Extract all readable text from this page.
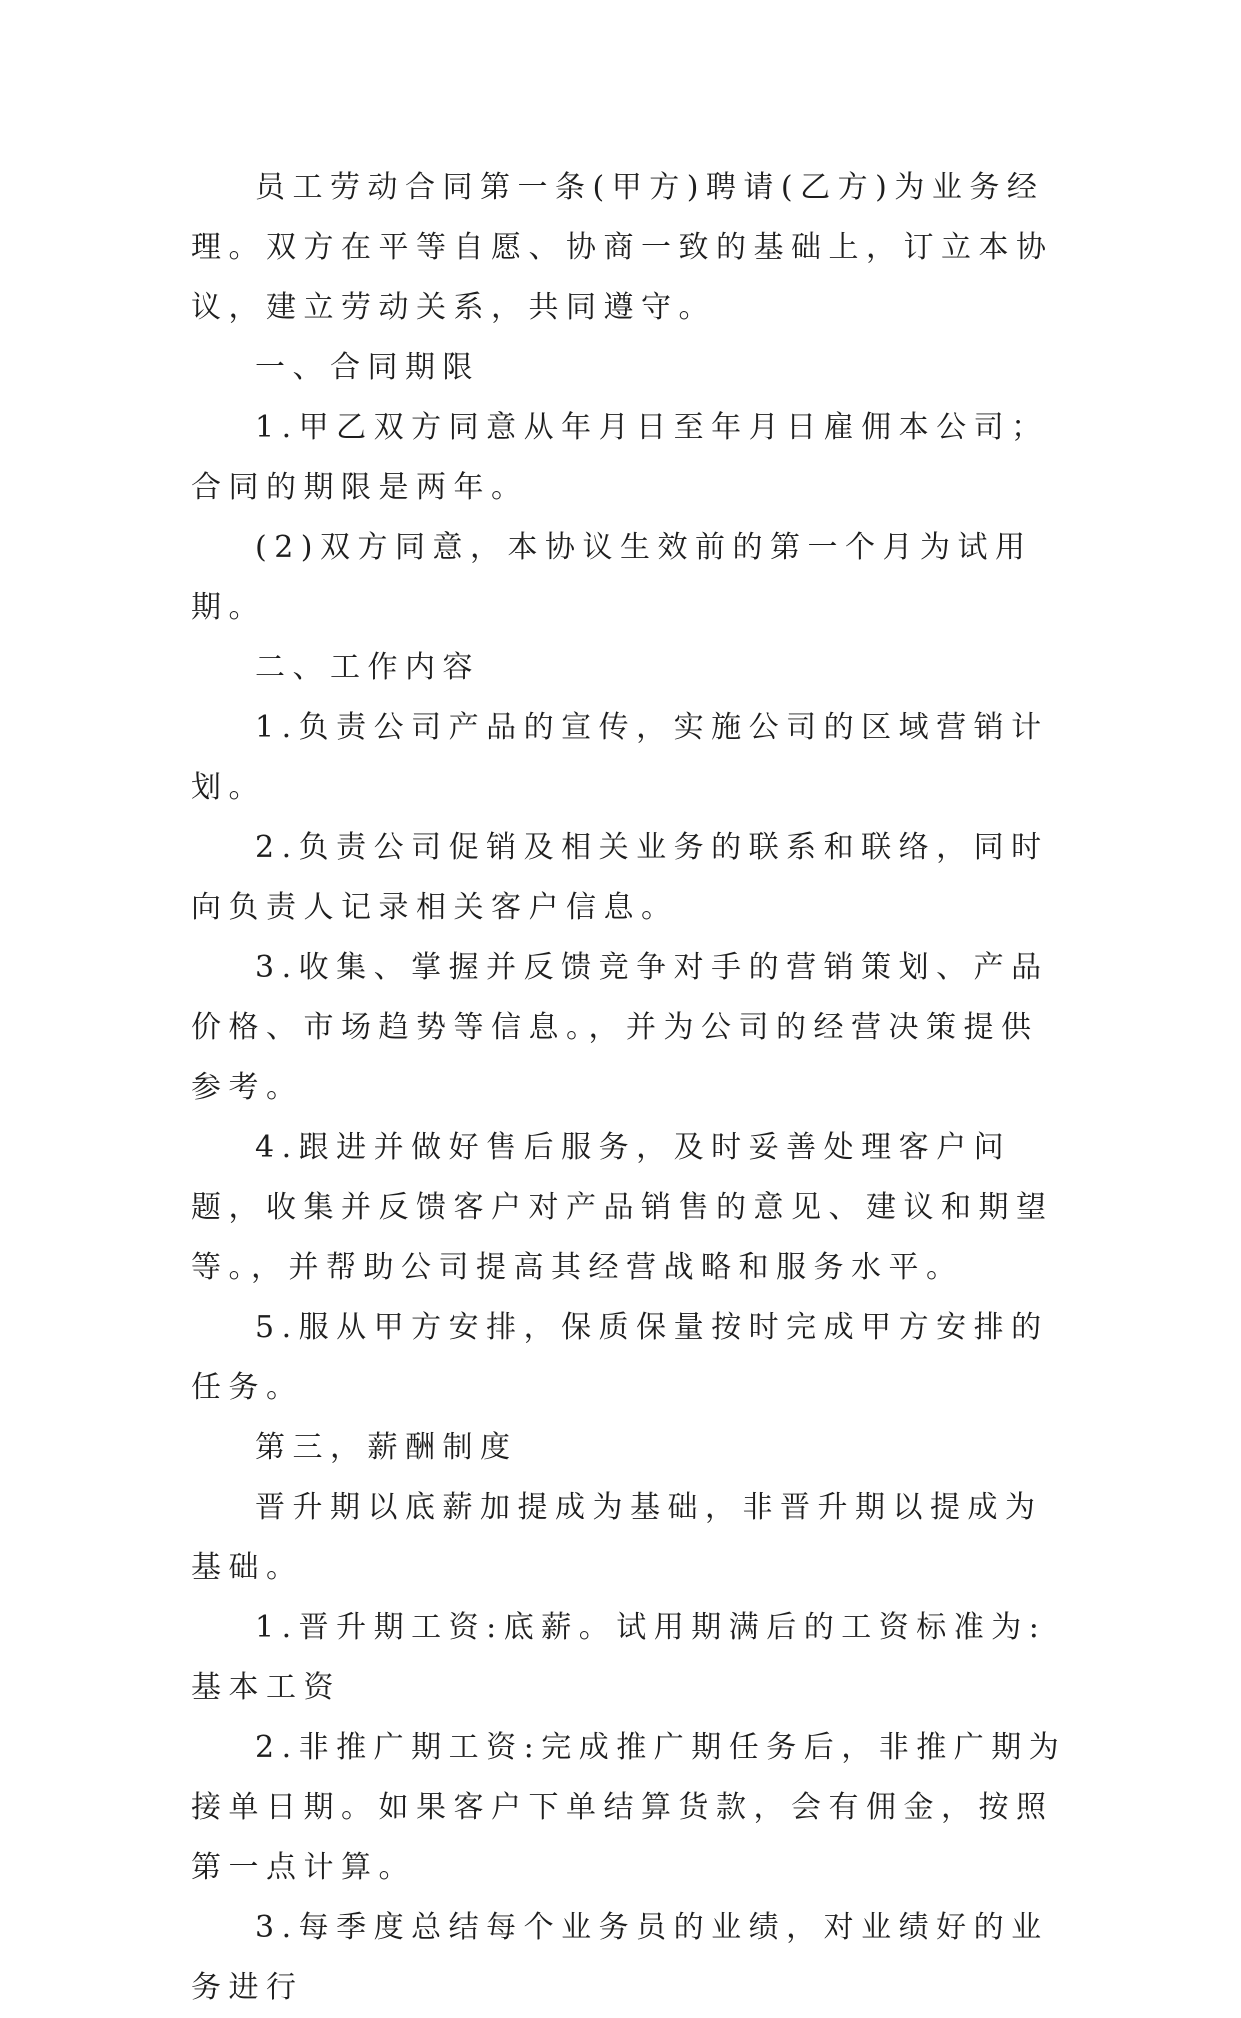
员工劳动合同第一条(甲方)聘请(乙方)为业务经理。双方在平等自愿、协商一致的基础上，订立本协议，建立劳动关系，共同遵守。

一、合同期限

1.甲乙双方同意从年月日至年月日雇佣本公司；合同的期限是两年。

(2)双方同意，本协议生效前的第一个月为试用期。

二、工作内容

1.负责公司产品的宣传，实施公司的区域营销计划。

2.负责公司促销及相关业务的联系和联络，同时向负责人记录相关客户信息。

3.收集、掌握并反馈竞争对手的营销策划、产品价格、市场趋势等信息。，并为公司的经营决策提供参考。

4.跟进并做好售后服务，及时妥善处理客户问题，收集并反馈客户对产品销售的意见、建议和期望等。，并帮助公司提高其经营战略和服务水平。

5.服从甲方安排，保质保量按时完成甲方安排的任务。

第三，薪酬制度

晋升期以底薪加提成为基础，非晋升期以提成为基础。

1.晋升期工资:底薪。试用期满后的工资标准为:基本工资

2.非推广期工资:完成推广期任务后，非推广期为接单日期。如果客户下单结算货款，会有佣金，按照第一点计算。

3.每季度总结每个业务员的业绩，对业绩好的业务进行
